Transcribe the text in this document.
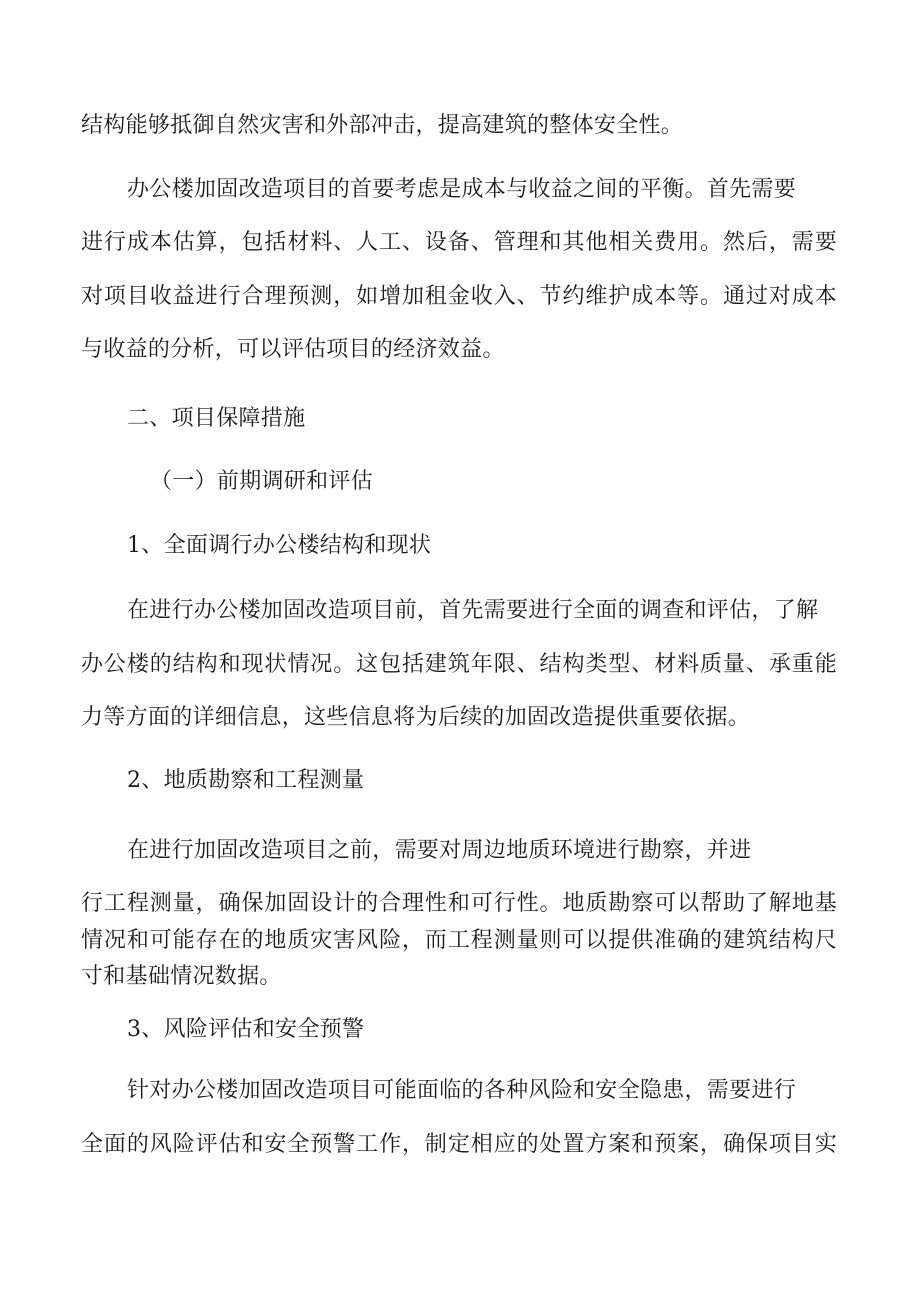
结构能够抵御自然灾害和外部冲击，提高建筑的整体安全性。
办公楼加固改造项目的首要考虑是成本与收益之间的平衡。首先需要
进行成本估算，包括材料、人工、设备、管理和其他相关费用。然后，需要
对项目收益进行合理预测，如增加租金收入、节约维护成本等。通过对成本
与收益的分析，可以评估项目的经济效益。
二、项目保障措施
（一）前期调研和评估
1、全面调行办公楼结构和现状
在进行办公楼加固改造项目前，首先需要进行全面的调查和评估，了解
办公楼的结构和现状情况。这包括建筑年限、结构类型、材料质量、承重能
力等方面的详细信息，这些信息将为后续的加固改造提供重要依据。
2、地质勘察和工程测量
在进行加固改造项目之前，需要对周边地质环境进行勘察，并进
行工程测量，确保加固设计的合理性和可行性。地质勘察可以帮助了解地基
情况和可能存在的地质灾害风险，而工程测量则可以提供准确的建筑结构尺
寸和基础情况数据。
3、风险评估和安全预警
针对办公楼加固改造项目可能面临的各种风险和安全隐患，需要进行
全面的风险评估和安全预警工作，制定相应的处置方案和预案，确保项目实
